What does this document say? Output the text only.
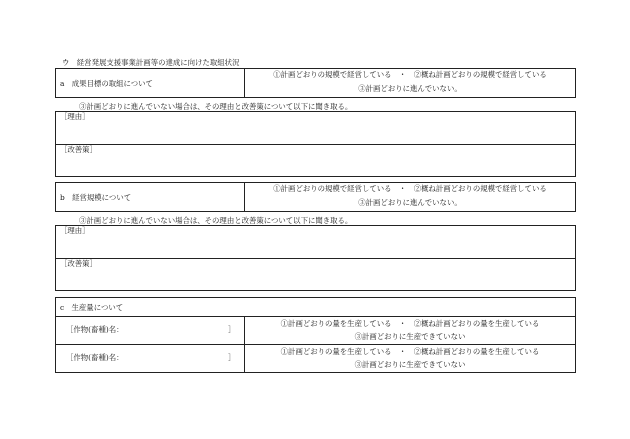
ウ　経営発展支援事業計画等の達成に向けた取組状況
a　成果目標の取組について
①計画どおりの規模で経営している　・　②概ね計画どおりの規模で経営している
③計画どおりに進んでいない。
③計画どおりに進んでいない場合は、その理由と改善策について以下に聞き取る。
［理由］
［改善策］
b　経営規模について
①計画どおりの規模で経営している　・　②概ね計画どおりの規模で経営している
③計画どおりに進んでいない。
③計画どおりに進んでいない場合は、その理由と改善策について以下に聞き取る。
［理由］
［改善策］
c　生産量について
［作物(畜種)名：	］
①計画どおりの量を生産している　・　②概ね計画どおりの量を生産している
③計画どおりに生産できていない
［作物(畜種)名：	］
①計画どおりの量を生産している　・　②概ね計画どおりの量を生産している
③計画どおりに生産できていない
